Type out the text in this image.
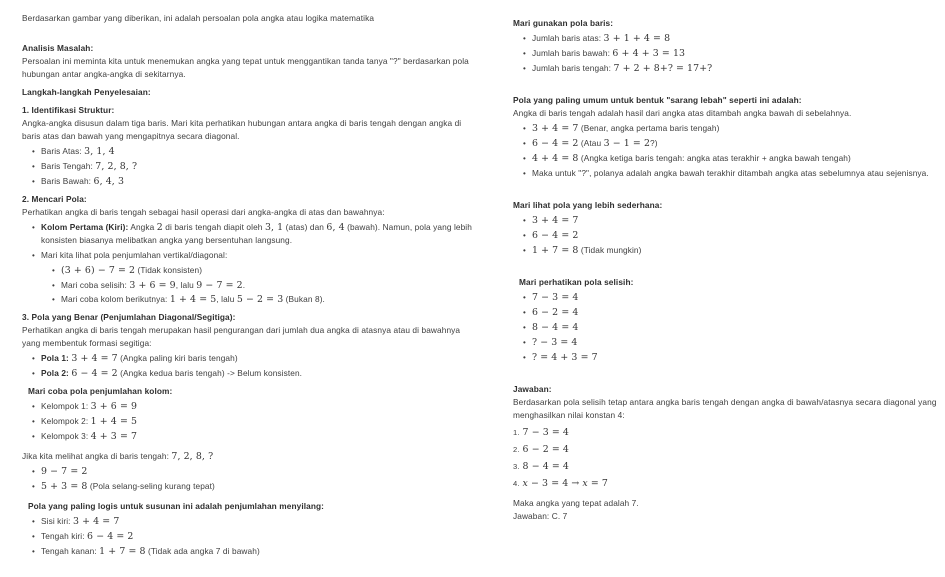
Berdasarkan gambar yang diberikan, ini adalah persoalan pola angka atau logika matematika
Analisis Masalah:
Persoalan ini meminta kita untuk menemukan angka yang tepat untuk menggantikan tanda tanya "?" berdasarkan pola hubungan antar angka-angka di sekitarnya.
Langkah-langkah Penyelesaian:
1. Identifikasi Struktur:
Angka-angka disusun dalam tiga baris. Mari kita perhatikan hubungan antara angka di baris tengah dengan angka di baris atas dan bawah yang mengapitnya secara diagonal.
• Baris Atas: 3, 1, 4
• Baris Tengah: 7, 2, 8, ?
• Baris Bawah: 6, 4, 3
2. Mencari Pola:
Perhatikan angka di baris tengah sebagai hasil operasi dari angka-angka di atas dan bawahnya:
• Kolom Pertama (Kiri): Angka 2 di baris tengah diapit oleh 3, 1 (atas) dan 6, 4 (bawah). Namun, pola yang lebih konsisten biasanya melibatkan angka yang bersentuhan langsung.
• Mari kita lihat pola penjumlahan vertikal/diagonal:
• (3 + 6) − 7 = 2 (Tidak konsisten)
• Mari coba selisih: 3 + 6 = 9, lalu 9 − 7 = 2.
• Mari coba kolom berikutnya: 1 + 4 = 5, lalu 5 − 2 = 3 (Bukan 8).
3. Pola yang Benar (Penjumlahan Diagonal/Segitiga):
Perhatikan angka di baris tengah merupakan hasil pengurangan dari jumlah dua angka di atasnya atau di bawahnya yang membentuk formasi segitiga:
• Pola 1: 3 + 4 = 7 (Angka paling kiri baris tengah)
• Pola 2: 6 − 4 = 2 (Angka kedua baris tengah) -> Belum konsisten.
Mari coba pola penjumlahan kolom:
• Kelompok 1: 3 + 6 = 9
• Kelompok 2: 1 + 4 = 5
• Kelompok 3: 4 + 3 = 7
Jika kita melihat angka di baris tengah: 7, 2, 8, ?
• 9 − 7 = 2
• 5 + 3 = 8 (Pola selang-seling kurang tepat)
Pola yang paling logis untuk susunan ini adalah penjumlahan menyilang:
• Sisi kiri: 3 + 4 = 7
• Tengah kiri: 6 − 4 = 2
• Tengah kanan: 1 + 7 = 8 (Tidak ada angka 7 di bawah)
Mari gunakan pola baris:
• Jumlah baris atas: 3 + 1 + 4 = 8
• Jumlah baris bawah: 6 + 4 + 3 = 13
• Jumlah baris tengah: 7 + 2 + 8+? = 17+?
Pola yang paling umum untuk bentuk "sarang lebah" seperti ini adalah:
Angka di baris tengah adalah hasil dari angka atas ditambah angka bawah di sebelahnya.
• 3 + 4 = 7 (Benar, angka pertama baris tengah)
• 6 − 4 = 2 (Atau 3 − 1 = 2?)
• 4 + 4 = 8 (Angka ketiga baris tengah: angka atas terakhir + angka bawah tengah)
• Maka untuk "?", polanya adalah angka bawah terakhir ditambah angka atas sebelumnya atau sejenisnya.
Mari lihat pola yang lebih sederhana:
• 3 + 4 = 7
• 6 − 4 = 2
• 1 + 7 = 8 (Tidak mungkin)
Mari perhatikan pola selisih:
• 7 − 3 = 4
• 6 − 2 = 4
• 8 − 4 = 4
• ? − 3 = 4
• ? = 4 + 3 = 7
Jawaban:
Berdasarkan pola selisih tetap antara angka baris tengah dengan angka di bawah/atasnya secara diagonal yang menghasilkan nilai konstan 4:
1. 7 − 3 = 4
2. 6 − 2 = 4
3. 8 − 4 = 4
4. x − 3 = 4 → x = 7
Maka angka yang tepat adalah 7.
Jawaban: C. 7
